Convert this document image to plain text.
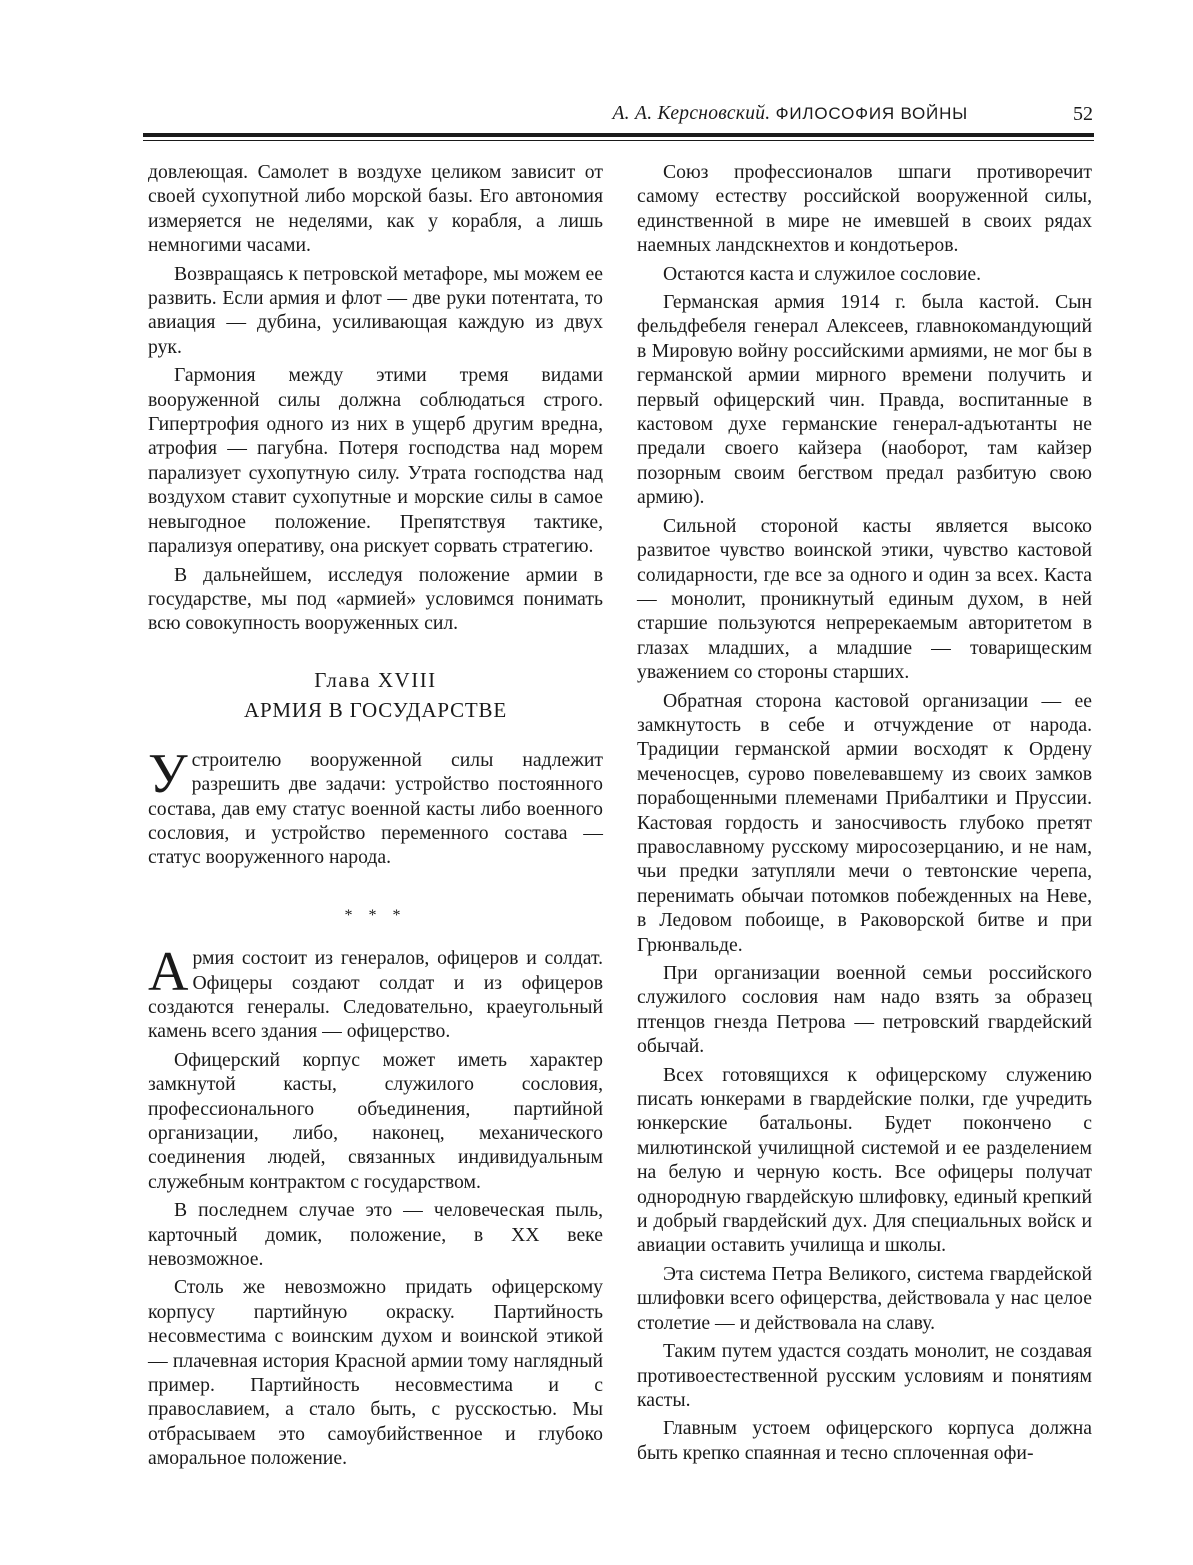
А. А. Керсновский. ФИЛОСОФИЯ ВОЙНЫ	52

довлеющая. Самолет в воздухе целиком зависит от своей сухопутной либо морской базы. Его автономия измеряется не неделями, как у корабля, а лишь немногими часами.

Возвращаясь к петровской метафоре, мы можем ее развить. Если армия и флот — две руки потентата, то авиация — дубина, усиливающая каждую из двух рук.

Гармония между этими тремя видами вооруженной силы должна соблюдаться строго. Гипертрофия одного из них в ущерб другим вредна, атрофия — пагубна. Потеря господства над морем парализует сухопутную силу. Утрата господства над воздухом ставит сухопутные и морские силы в самое невыгодное положение. Препятствуя тактике, парализуя оперативу, она рискует сорвать стратегию.

В дальнейшем, исследуя положение армии в государстве, мы под «армией» условимся понимать всю совокупность вооруженных сил.

Глава XVIII
АРМИЯ В ГОСУДАРСТВЕ

Устроителю вооруженной силы надлежит разрешить две задачи: устройство постоянного состава, дав ему статус военной касты либо военного сословия, и устройство переменного состава — статус вооруженного народа.

* * *

Армия состоит из генералов, офицеров и солдат. Офицеры создают солдат и из офицеров создаются генералы. Следовательно, краеугольный камень всего здания — офицерство.

Офицерский корпус может иметь характер замкнутой касты, служилого сословия, профессионального объединения, партийной организации, либо, наконец, механического соединения людей, связанных индивидуальным служебным контрактом с государством.

В последнем случае это — человеческая пыль, карточный домик, положение, в XX веке невозможное.

Столь же невозможно придать офицерскому корпусу партийную окраску. Партийность несовместима с воинским духом и воинской этикой — плачевная история Красной армии тому наглядный пример. Партийность несовместима и с православием, а стало быть, с русскостью. Мы отбрасываем это самоубийственное и глубоко аморальное положение.

Союз профессионалов шпаги противоречит самому естеству российской вооруженной силы, единственной в мире не имевшей в своих рядах наемных ландскнехтов и кондотьеров.

Остаются каста и служилое сословие.

Германская армия 1914 г. была кастой. Сын фельдфебеля генерал Алексеев, главнокомандующий в Мировую войну российскими армиями, не мог бы в германской армии мирного времени получить и первый офицерский чин. Правда, воспитанные в кастовом духе германские генерал-адъютанты не предали своего кайзера (наоборот, там кайзер позорным своим бегством предал разбитую свою армию).

Сильной стороной касты является высоко развитое чувство воинской этики, чувство кастовой солидарности, где все за одного и один за всех. Каста — монолит, проникнутый единым духом, в ней старшие пользуются непререкаемым авторитетом в глазах младших, а младшие — товарищеским уважением со стороны старших.

Обратная сторона кастовой организации — ее замкнутость в себе и отчуждение от народа. Традиции германской армии восходят к Ордену меченосцев, сурово повелевавшему из своих замков порабощенными племенами Прибалтики и Пруссии. Кастовая гордость и заносчивость глубоко претят православному русскому миросозерцанию, и не нам, чьи предки затупляли мечи о тевтонские черепа, перенимать обычаи потомков побежденных на Неве, в Ледовом побоище, в Раковорской битве и при Грюнвальде.

При организации военной семьи российского служилого сословия нам надо взять за образец птенцов гнезда Петрова — петровский гвардейский обычай.

Всех готовящихся к офицерскому служению писать юнкерами в гвардейские полки, где учредить юнкерские батальоны. Будет покончено с милютинской училищной системой и ее разделением на белую и черную кость. Все офицеры получат однородную гвардейскую шлифовку, единый крепкий и добрый гвардейский дух. Для специальных войск и авиации оставить училища и школы.

Эта система Петра Великого, система гвардейской шлифовки всего офицерства, действовала у нас целое столетие — и действовала на славу.

Таким путем удастся создать монолит, не создавая противоестественной русским условиям и понятиям касты.

Главным устоем офицерского корпуса должна быть крепко спаянная и тесно сплоченная офи-
